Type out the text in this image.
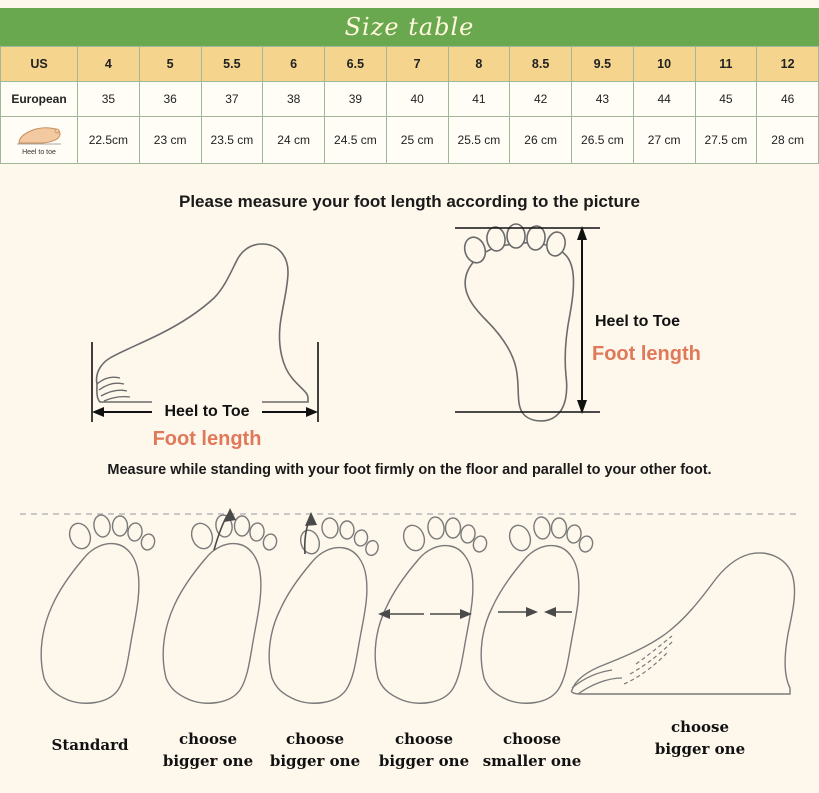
Size table
US	4	5	5.5	6	6.5	7	8	8.5	9.5	10	11	12
European	35	36	37	38	39	40	41	42	43	44	45	46

Heel to toe	22.5cm	23 cm	23.5 cm	24 cm	24.5 cm	25 cm	25.5 cm	26 cm	26.5 cm	27 cm	27.5 cm	28 cm
Please measure your foot length according to the picture
Heel to Toe
Foot length
Heel to Toe
Foot length
Measure while standing with your foot firmly on the floor and parallel to your other foot.
Standard	choose
bigger one
choose
bigger one
choose
bigger one
choose
smaller one
choose
bigger one
